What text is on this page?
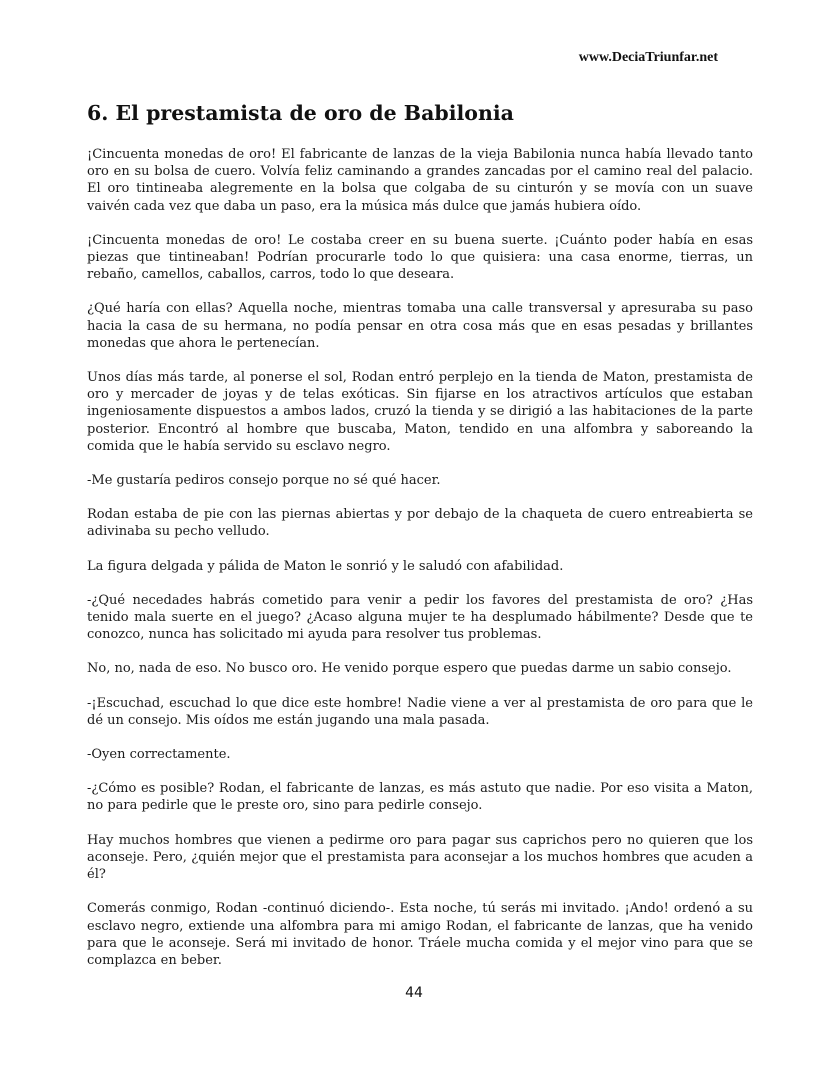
www.DeciaTriunfar.net
6. El prestamista de oro de Babilonia

¡Cincuenta monedas de oro! El fabricante de lanzas de la vieja Babilonia nunca había llevado tanto oro en su bolsa de cuero. Volvía feliz caminando a grandes zancadas por el camino real del palacio. El oro tintineaba alegremente en la bolsa que colgaba de su cinturón y se movía con un suave vaivén cada vez que daba un paso, era la música más dulce que jamás hubiera oído.

¡Cincuenta monedas de oro! Le costaba creer en su buena suerte. ¡Cuánto poder había en esas piezas que tintineaban! Podrían procurarle todo lo que quisiera: una casa enorme, tierras, un rebaño, camellos, caballos, carros, todo lo que deseara.

¿Qué haría con ellas? Aquella noche, mientras tomaba una calle transversal y apresuraba su paso hacia la casa de su hermana, no podía pensar en otra cosa más que en esas pesadas y brillantes monedas que ahora le pertenecían.

Unos días más tarde, al ponerse el sol, Rodan entró perplejo en la tienda de Maton, prestamista de oro y mercader de joyas y de telas exóticas. Sin fijarse en los atractivos artículos que estaban ingeniosamente dispuestos a ambos lados, cruzó la tienda y se dirigió a las habitaciones de la parte posterior. Encontró al hombre que buscaba, Maton, tendido en una alfombra y saboreando la comida que le había servido su esclavo negro.

-Me gustaría pediros consejo porque no sé qué hacer.

Rodan estaba de pie con las piernas abiertas y por debajo de la chaqueta de cuero entreabierta se adivinaba su pecho velludo.

La figura delgada y pálida de Maton le sonrió y le saludó con afabilidad.

-¿Qué necedades habrás cometido para venir a pedir los favores del prestamista de oro? ¿Has tenido mala suerte en el juego? ¿Acaso alguna mujer te ha desplumado hábilmente? Desde que te conozco, nunca has solicitado mi ayuda para resolver tus problemas.

No, no, nada de eso. No busco oro. He venido porque espero que puedas darme un sabio consejo.

-¡Escuchad, escuchad lo que dice este hombre! Nadie viene a ver al prestamista de oro para que le dé un consejo. Mis oídos me están jugando una mala pasada.

-Oyen correctamente.

-¿Cómo es posible? Rodan, el fabricante de lanzas, es más astuto que nadie. Por eso visita a Maton, no para pedirle que le preste oro, sino para pedirle consejo.

Hay muchos hombres que vienen a pedirme oro para pagar sus caprichos pero no quieren que los aconseje. Pero, ¿quién mejor que el prestamista para aconsejar a los muchos hombres que acuden a él?

Comerás conmigo, Rodan -continuó diciendo-. Esta noche, tú serás mi invitado. ¡Ando! ordenó a su esclavo negro, extiende una alfombra para mi amigo Rodan, el fabricante de lanzas, que ha venido para que le aconseje. Será mi invitado de honor. Tráele mucha comida y el mejor vino para que se complazca en beber.

44
